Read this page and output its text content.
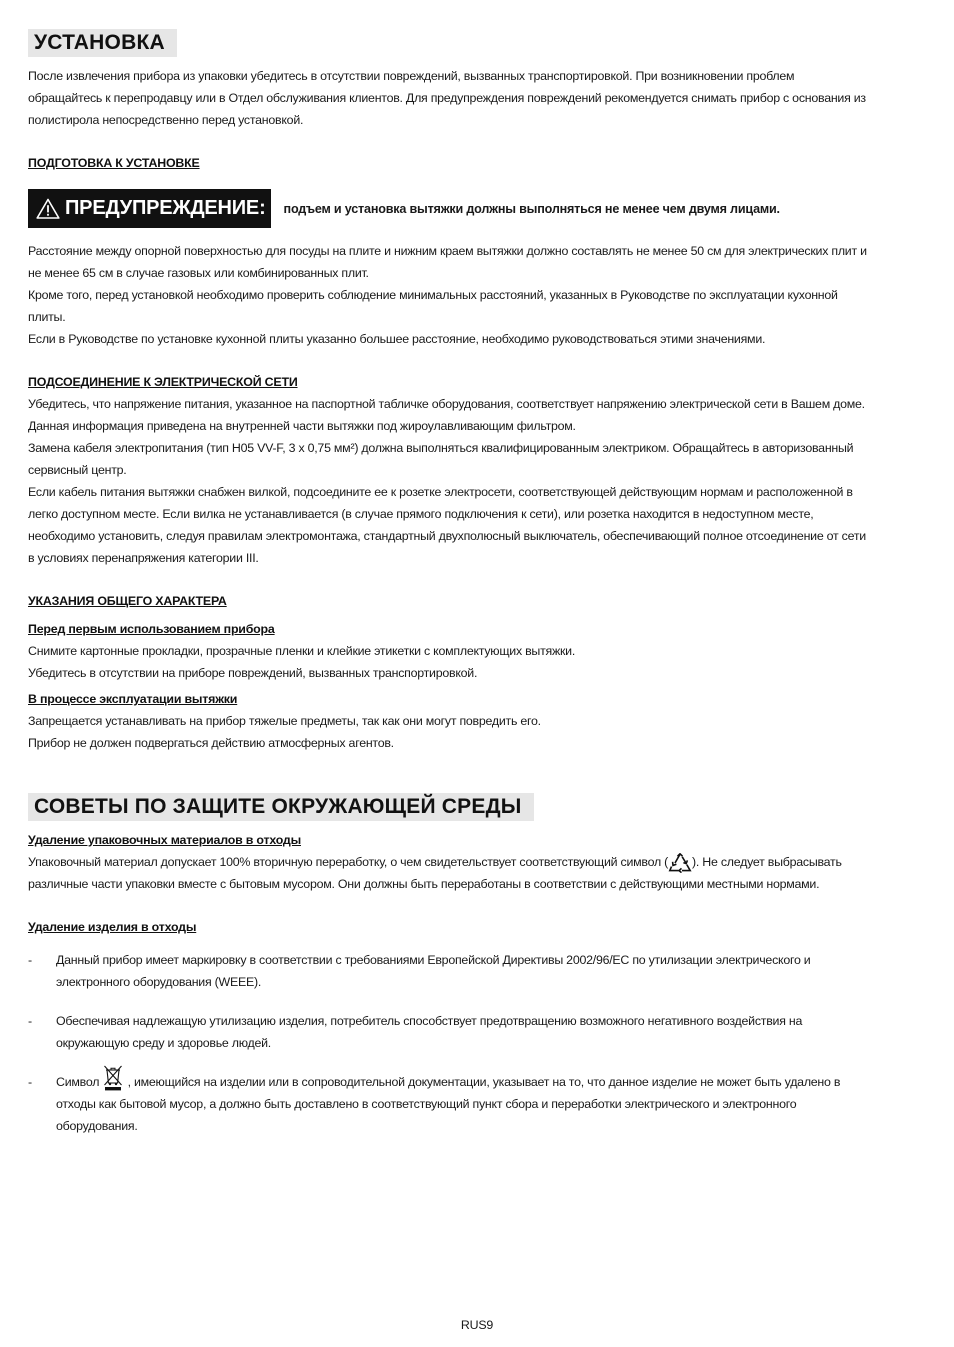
УСТАНОВКА

После извлечения прибора из упаковки убедитесь в отсутствии повреждений, вызванных транспортировкой. При возникновении проблем

обращайтесь к перепродавцу или в Отдел обслуживания клиентов. Для предупреждения повреждений рекомендуется снимать прибор с основания из

полистирола непосредственно перед установкой.

ПОДГОТОВКА К УСТАНОВКЕ
ПРЕДУПРЕЖДЕНИЕ: подъем и установка вытяжки должны выполняться не менее чем двумя лицами.

Расстояние между опорной поверхностью для посуды на плите и нижним краем вытяжки должно составлять не менее 50 см для электрических плит и

не менее 65 см в случае газовых или комбинированных плит.

Кроме того, перед установкой необходимо проверить соблюдение минимальных расстояний, указанных в Руководстве по эксплуатации кухонной

плиты.

Если в Руководстве по установке кухонной плиты указанно большее расстояние, необходимо руководствоваться этими значениями.

ПОДСОЕДИНЕНИЕ К ЭЛЕКТРИЧЕСКОЙ СЕТИ

Убедитесь, что напряжение питания, указанное на паспортной табличке оборудования, соответствует напряжению электрической сети в Вашем доме.

Данная информация приведена на внутренней части вытяжки под жироулавливающим фильтром.

Замена кабеля электропитания (тип H05 VV-F, 3 x 0,75 мм²) должна выполняться квалифицированным электриком. Обращайтесь в авторизованный

сервисный центр.

Если кабель питания вытяжки снабжен вилкой, подсоедините ее к розетке электросети, соответствующей действующим нормам и расположенной в

легко доступном месте. Если вилка не устанавливается (в случае прямого подключения к сети), или розетка находится в недоступном месте,

необходимо установить, следуя правилам электромонтажа, стандартный двухполюсный выключатель, обеспечивающий полное отсоединение от сети

в условиях перенапряжения категории III.

УКАЗАНИЯ ОБЩЕГО ХАРАКТЕРА
Перед первым использованием прибора

Снимите картонные прокладки, прозрачные пленки и клейкие этикетки с комплектующих вытяжки.

Убедитесь в отсутствии на приборе повреждений, вызванных транспортировкой.

В процессе эксплуатации вытяжки

Запрещается устанавливать на прибор тяжелые предметы, так как они могут повредить его.

Прибор не должен подвергаться действию атмосферных агентов.

СОВЕТЫ ПО ЗАЩИТЕ ОКРУЖАЮЩЕЙ СРЕДЫ
Удаление упаковочных материалов в отходы

Упаковочный материал допускает 100% вторичную переработку, о чем свидетельствует соответствующий символ ( ). Не следует выбрасывать

различные части упаковки вместе с бытовым мусором. Они должны быть переработаны в соответствии с действующими местными нормами.

Удаление изделия в отходы
-	Данный прибор имеет маркировку в соответствии с требованиями Европейской Директивы 2002/96/ЕС по утилизации электрического и

электронного оборудования (WEEE).

-	Обеспечивая надлежащую утилизацию изделия, потребитель способствует предотвращению возможного негативного воздействия на

окружающую среду и здоровье людей.

-	Символ , имеющийся на изделии или в сопроводительной документации, указывает на то, что данное изделие не может быть удалено в

отходы как бытовой мусор, а должно быть доставлено в соответствующий пункт сбора и переработки электрического и электронного

оборудования.

RUS9
